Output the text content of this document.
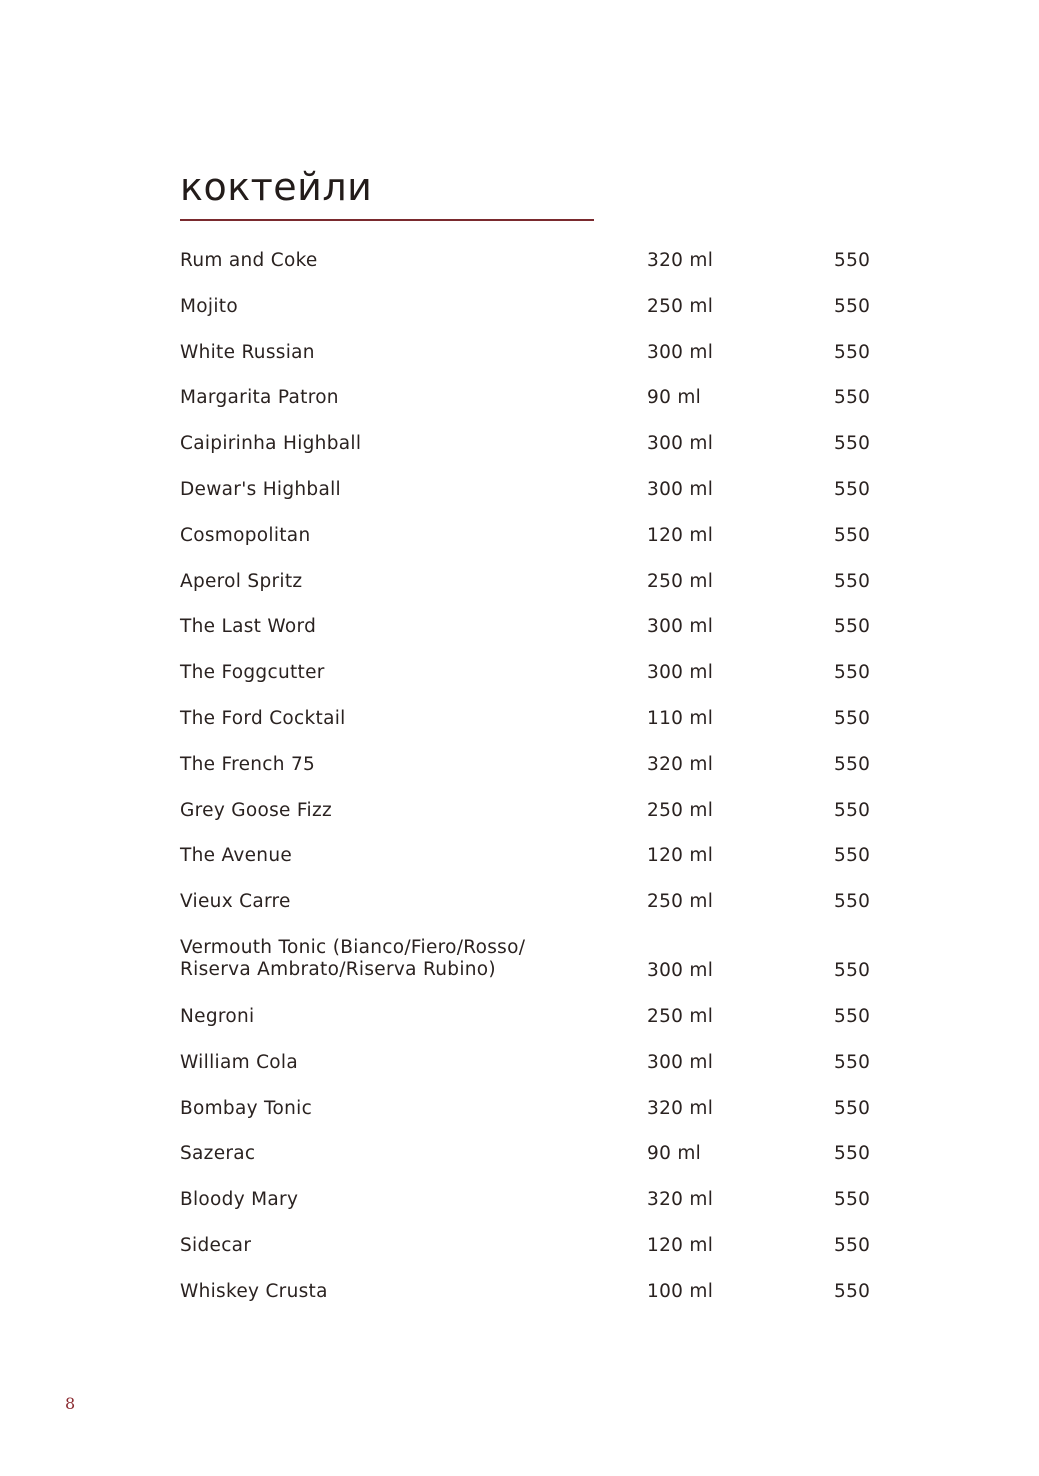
коктейли
Rum and Coke	320 ml	550
Mojito	250 ml	550
White Russian	300 ml	550
Margarita Patron	90 ml	550
Caipirinha Highball	300 ml	550
Dewar's Highball	300 ml	550
Cosmopolitan	120 ml	550
Aperol Spritz	250 ml	550
The Last Word	300 ml	550
The Foggcutter	300 ml	550
The Ford Cocktail	110 ml	550
The French 75	320 ml	550
Grey Goose Fizz	250 ml	550
The Avenue	120 ml	550
Vieux Carre	250 ml	550
Vermouth Tonic (Bianco/Fiero/Rosso/
Riserva Ambrato/Riserva Rubino)	300 ml	550
Negroni	250 ml	550
William Cola	300 ml	550
Bombay Tonic	320 ml	550
Sazerac	90 ml	550
Bloody Mary	320 ml	550
Sidecar	120 ml	550
Whiskey Crusta	100 ml	550
8
